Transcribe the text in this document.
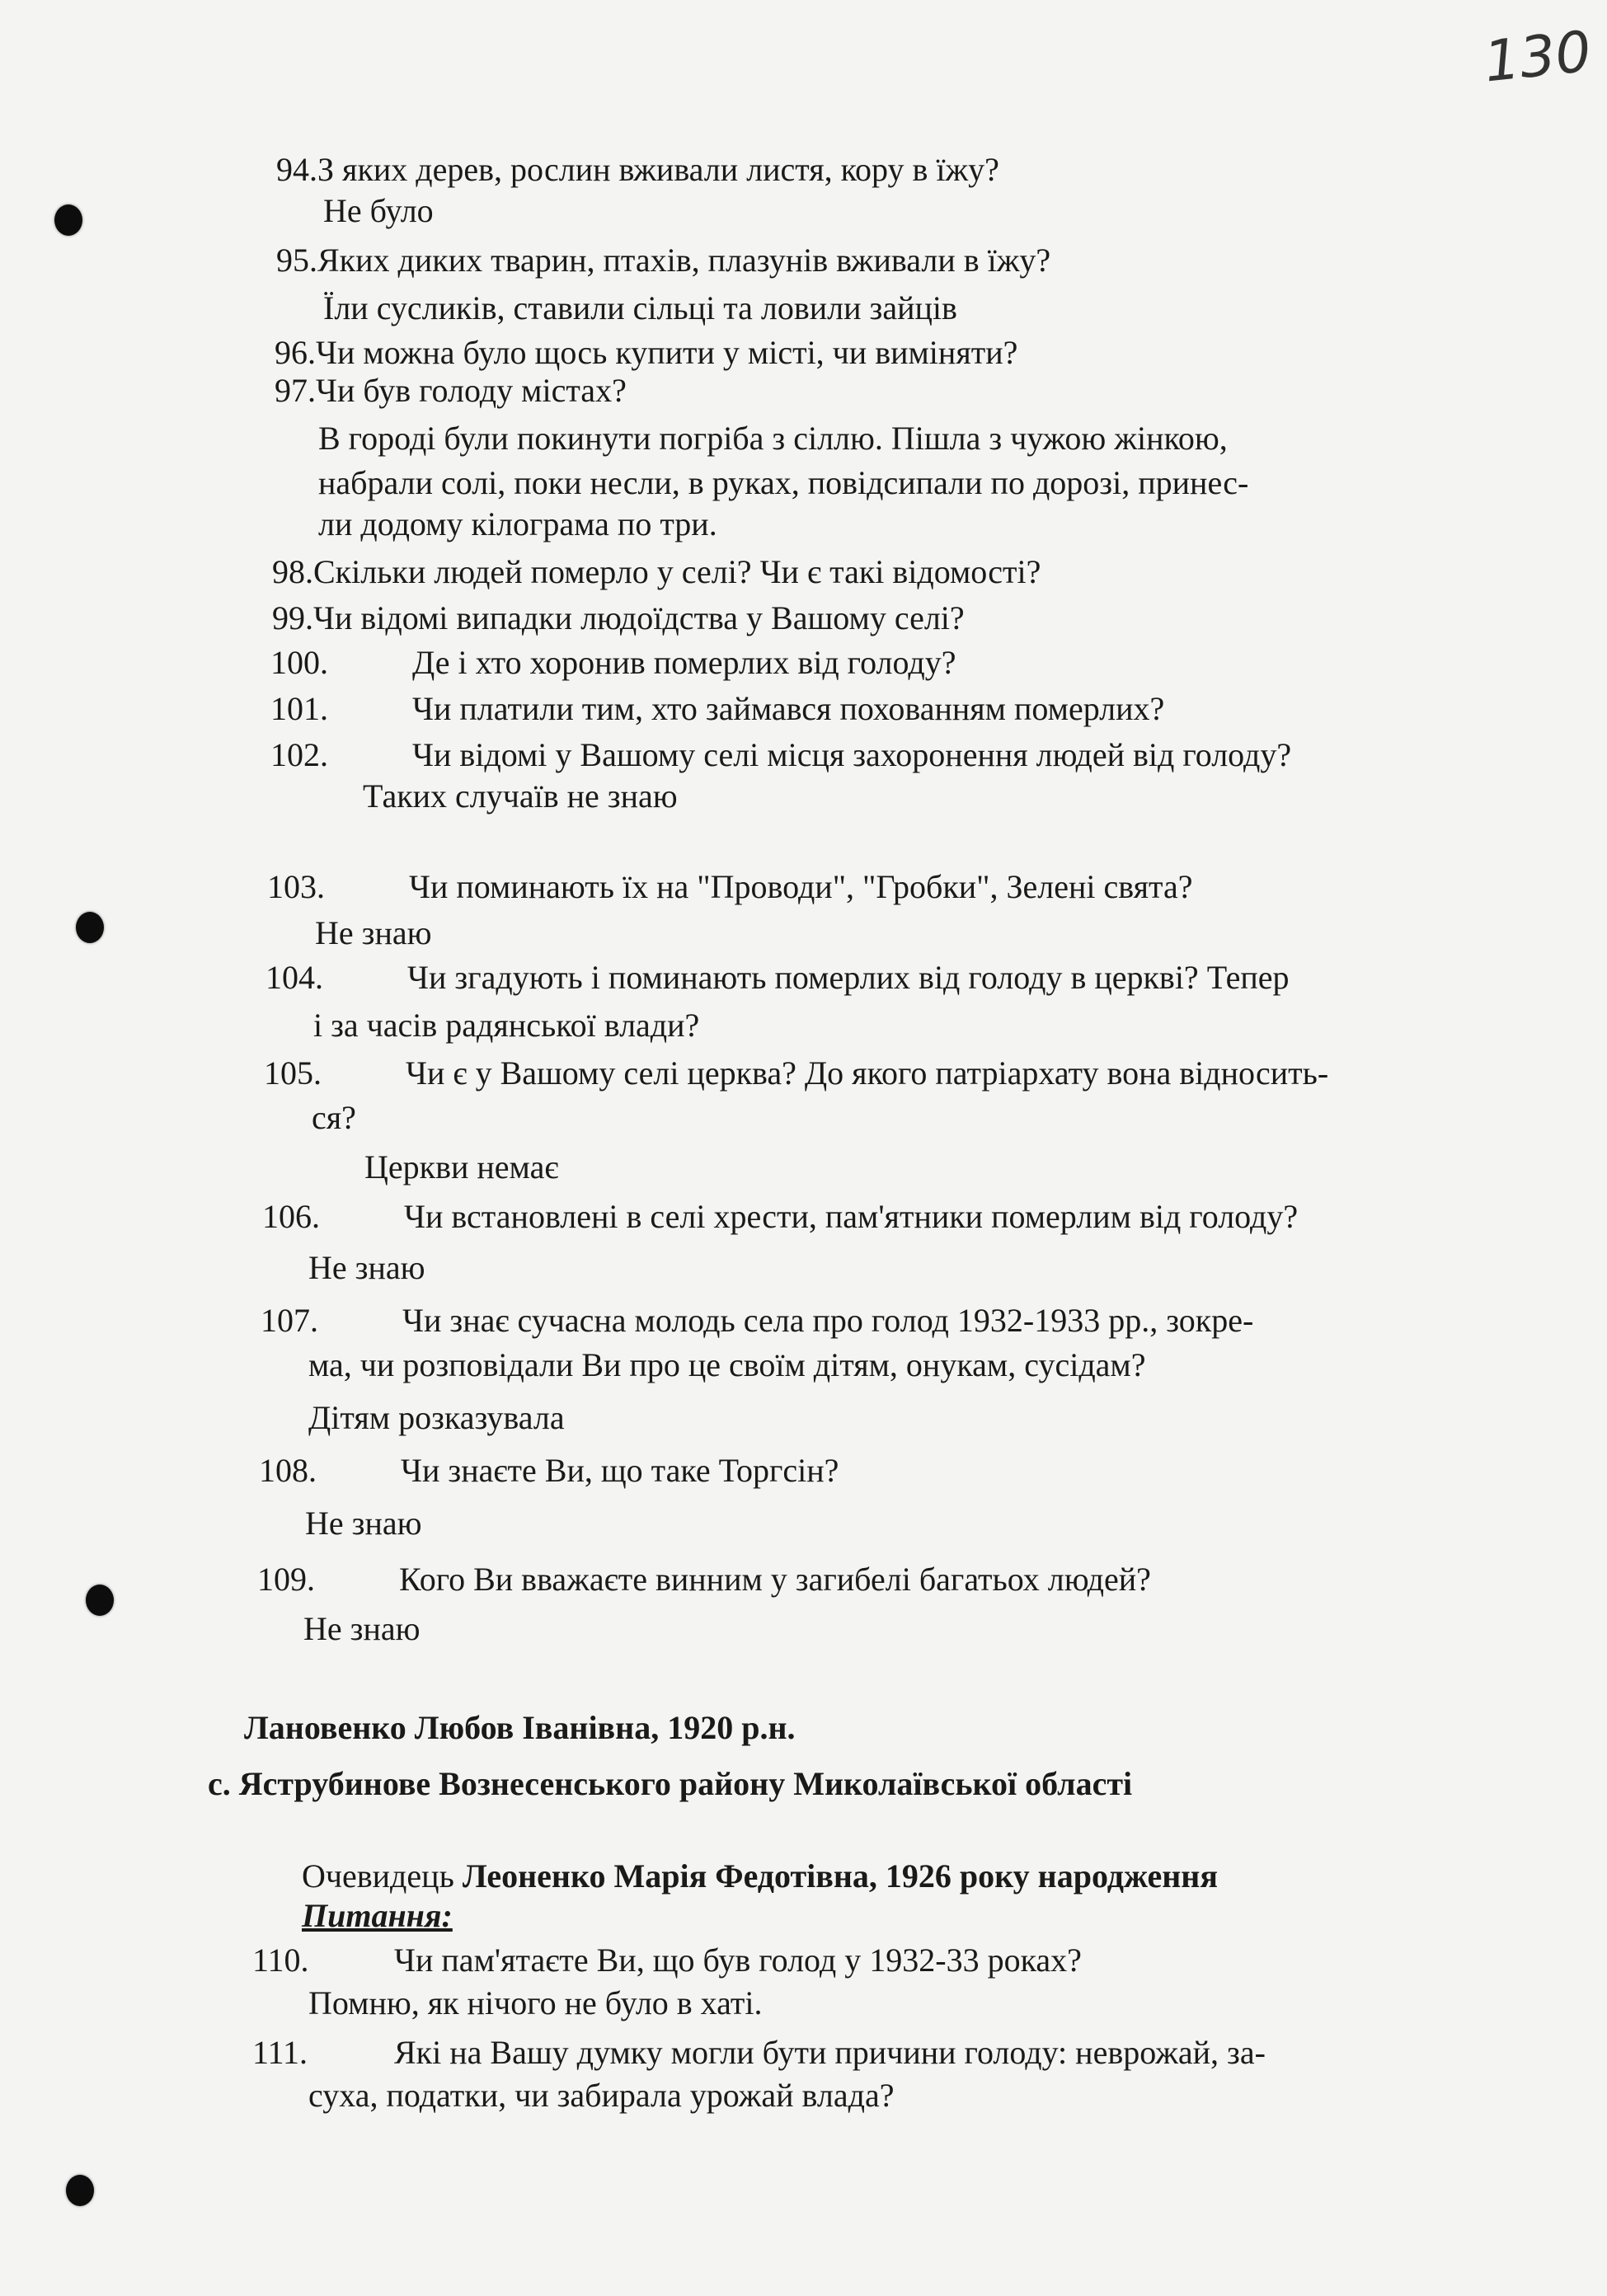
130
94.З яких дерев, рослин вживали листя, кору в їжу?
Не було
95.Яких диких тварин, птахів, плазунів вживали в їжу?
Їли сусликів, ставили сільці та ловили зайців
96.Чи можна було щось купити у місті, чи виміняти?
97.Чи був голоду містах?
В городі були покинути погріба з сіллю. Пішла з чужою жінкою,
набрали солі, поки несли, в руках, повідсипали по дорозі, принес-
ли додому кілограма по три.
98.Скільки людей померло у селі? Чи є такі відомості?
99.Чи відомі випадки людоїдства у Вашому селі?
100.	Де і хто хоронив померлих від голоду?
101.	Чи платили тим, хто займався похованням померлих?
102.	Чи відомі у Вашому селі місця захоронення людей від голоду?
Таких случаїв не знаю
103.	Чи поминають їх на "Проводи", "Гробки", Зелені свята?
Не знаю
104.	Чи згадують і поминають померлих від голоду в церкві? Тепер
і за часів радянської влади?
105.	Чи є у Вашому селі церква? До якого патріархату вона відносить-
ся?
Церкви немає
106.	Чи встановлені в селі хрести, пам'ятники померлим від голоду?
Не знаю
107.	Чи знає сучасна молодь села про голод 1932-1933 рр., зокре-
ма, чи розповідали Ви про це своїм дітям, онукам, сусідам?
Дітям розказувала
108.	Чи знаєте Ви, що таке Торгсін?
Не знаю
109.	Кого Ви вважаєте винним у загибелі багатьох людей?
Не знаю
Лановенко Любов Іванівна, 1920 р.н.
с. Яструбинове Вознесенського району Миколаївської області
Очевидець Леоненко Марія Федотівна, 1926 року народження
Питання:
110.	Чи пам'ятаєте Ви, що був голод у 1932-33 роках?
Помню, як нічого не було в хаті.
111.	Які на Вашу думку могли бути причини голоду: неврожай, за-
суха, податки, чи забирала урожай влада?
